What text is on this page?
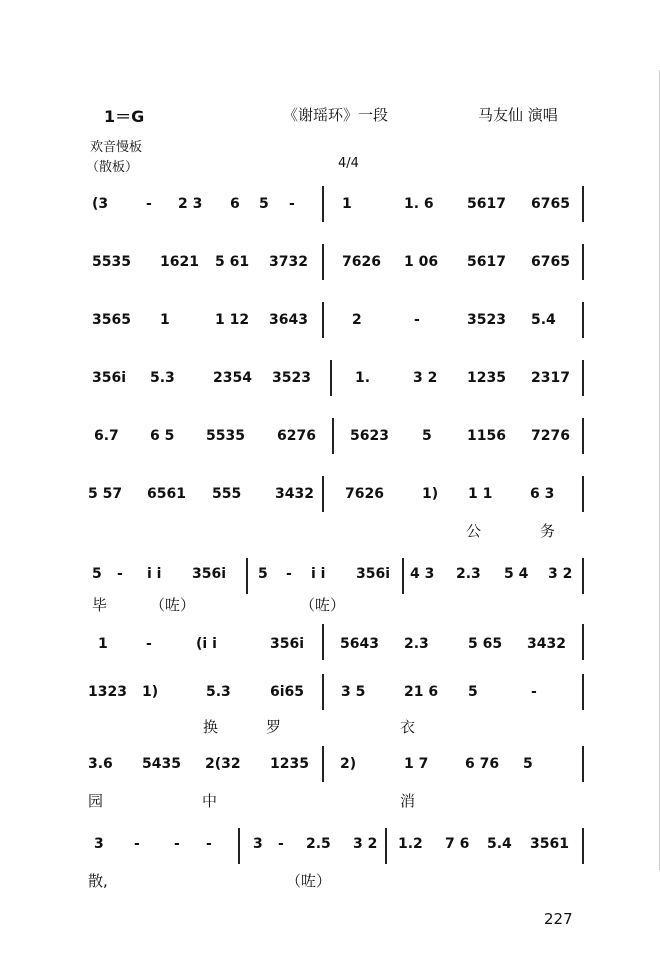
1＝G	《谢瑶环》一段	马友仙 演唱
欢音慢板
（散板）	4/4
(3	- 2 3 6 5 -	1	1. 6 5617 6765
5535 1621 5 61 3732 7626 1 06 5617 6765
3565 1	1 12 3643	2	-	3523 5.4
356i 5.3	2354 3523	1.	3 2 1235 2317
6.7 6 5 5535 6276 5623 5	1156 7276
5 57 6561 555 3432 7626	1) 1 1	6 3
公	务
5 - i i 356i 5 - i i 356i 4 3 2.3 5 4 3 2
毕	（咗）	（咗）
1	-	(i i	356i	5643 2.3	5 65 3432
1323 1)	5.3	6i65	3 5	21 6 5	-
换	罗	衣
3.6 5435 2(32 1235 2)	1 7	6 76 5
园	中	消
3 - - -	3 - 2.5 3 2 1.2 7 6 5.4 3561
散,	（咗）
227
